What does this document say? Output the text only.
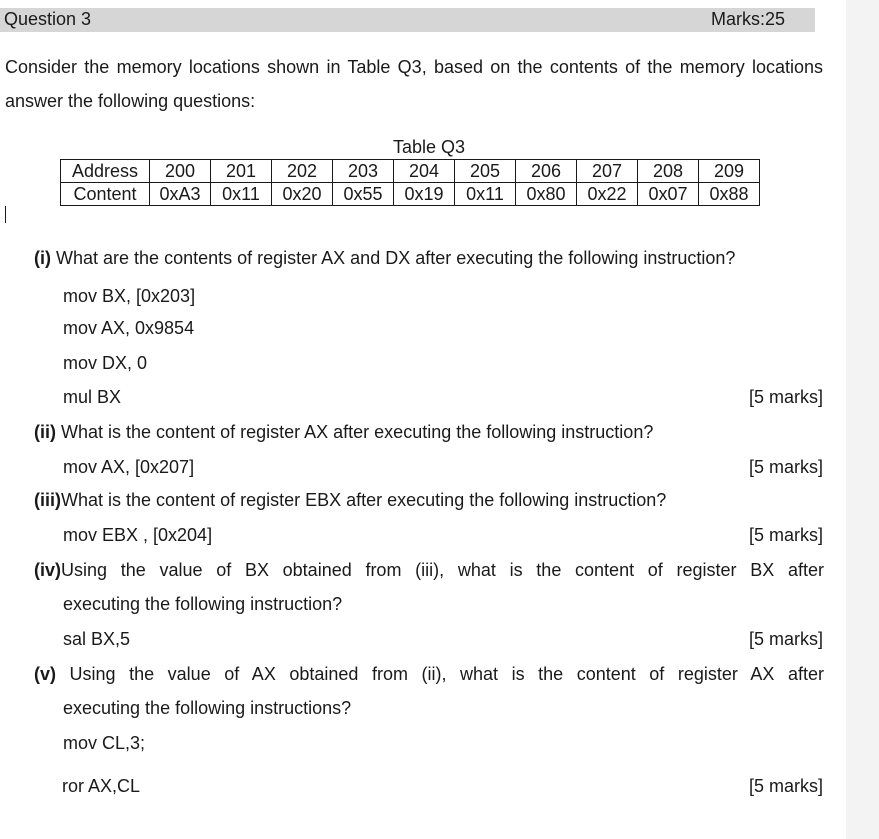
Question 3	Marks:25
Consider the memory locations shown in Table Q3, based on the contents of the memory locations answer the following questions:
Table Q3
Address	200	201	202	203	204	205	206	207	208	209
Content	0xA3	0x11	0x20	0x55	0x19	0x11	0x80	0x22	0x07	0x88
(i) What are the contents of register AX and DX after executing the following instruction?
mov BX, [0x203]
mov AX, 0x9854
mov DX, 0
mul BX	[5 marks]
(ii) What is the content of register AX after executing the following instruction?
mov AX, [0x207]	[5 marks]
(iii)What is the content of register EBX after executing the following instruction?
mov EBX , [0x204]	[5 marks]
(iv)Using the value of BX obtained from (iii), what is the content of register BX after
executing the following instruction?
sal BX,5	[5 marks]
(v) Using the value of AX obtained from (ii), what is the content of register AX after
executing the following instructions?
mov CL,3;
ror AX,CL	[5 marks]
